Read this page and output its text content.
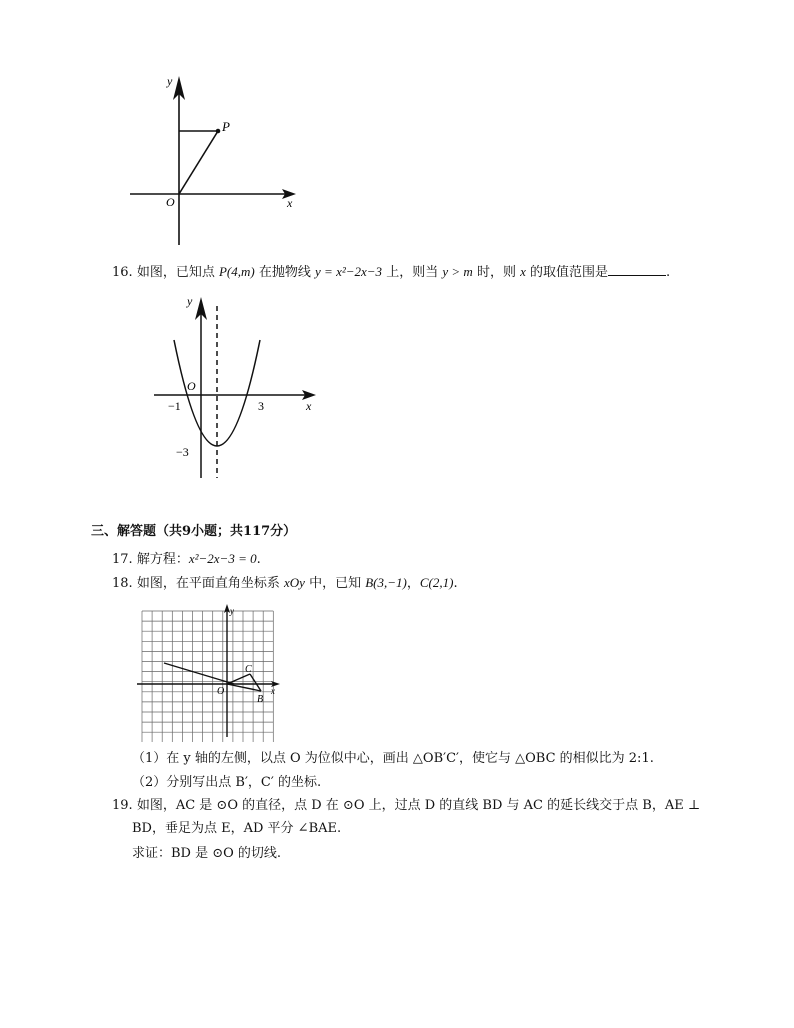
y
x
O
P
16. 如图，已知点 P(4,m) 在抛物线 y = x²−2x−3 上，则当 y > m 时，则 x 的取值范围是	.
y
x
O
−1	3
−3
三、解答题（共9小题；共117分）
17. 解方程：x²−2x−3 = 0.
18. 如图，在平面直角坐标系 xOy 中，已知 B(3,−1)，C(2,1).
y
x
O
C
B
（1）在 y 轴的左侧，以点 O 为位似中心，画出 △OB′C′，使它与 △OBC 的相似比为 2:1.
（2）分别写出点 B′，C′ 的坐标.
19. 如图，AC 是 ⊙O 的直径，点 D 在 ⊙O 上，过点 D 的直线 BD 与 AC 的延长线交于点 B，AE ⊥
BD，垂足为点 E，AD 平分 ∠BAE.
求证：BD 是 ⊙O 的切线.
